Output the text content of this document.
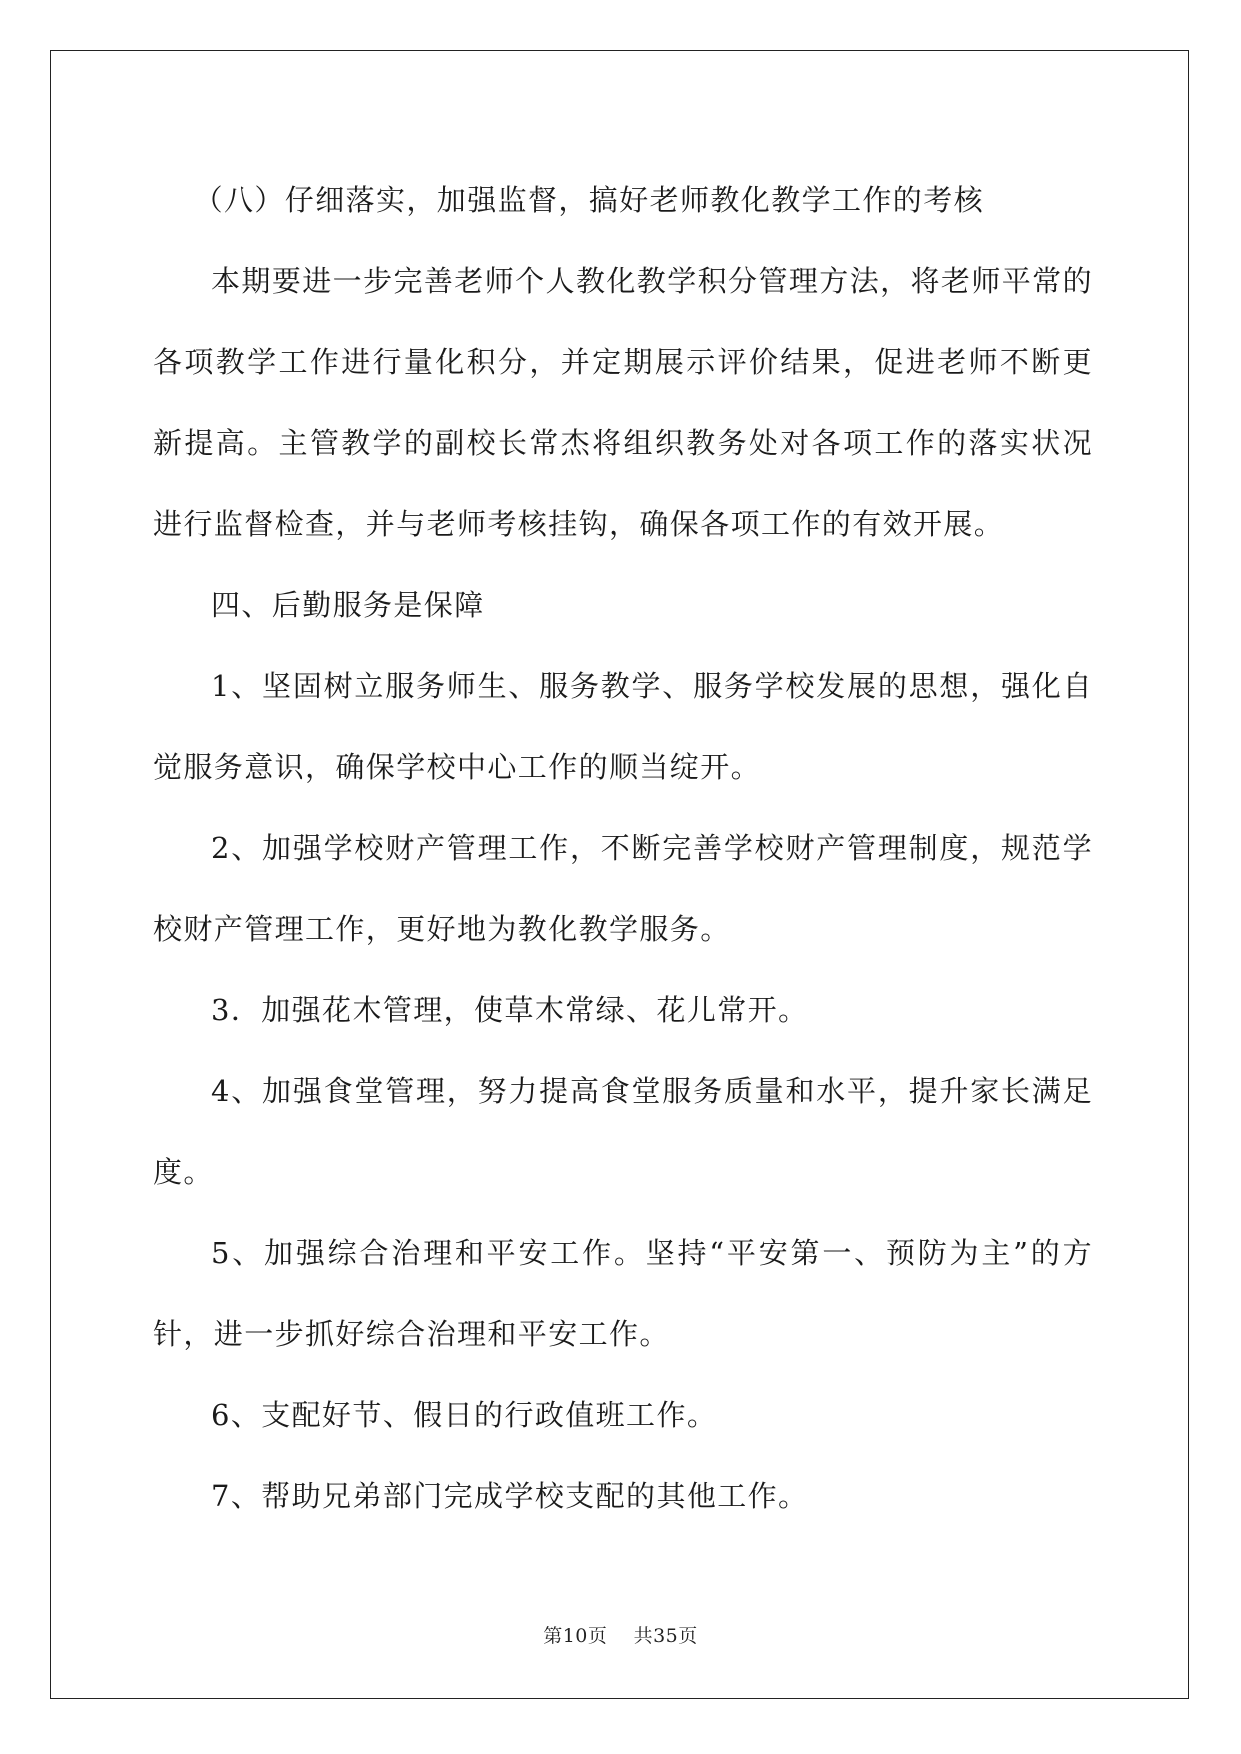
（八）仔细落实，加强监督，搞好老师教化教学工作的考核

本期要进一步完善老师个人教化教学积分管理方法，将老师平常的各项教学工作进行量化积分，并定期展示评价结果，促进老师不断更新提高。主管教学的副校长常杰将组织教务处对各项工作的落实状况进行监督检查，并与老师考核挂钩，确保各项工作的有效开展。

四、后勤服务是保障

1、坚固树立服务师生、服务教学、服务学校发展的思想，强化自觉服务意识，确保学校中心工作的顺当绽开。

2、加强学校财产管理工作，不断完善学校财产管理制度，规范学校财产管理工作，更好地为教化教学服务。

3．加强花木管理，使草木常绿、花儿常开。

4、加强食堂管理，努力提高食堂服务质量和水平，提升家长满足度。

5、加强综合治理和平安工作。坚持“平安第一、预防为主”的方针，进一步抓好综合治理和平安工作。

6、支配好节、假日的行政值班工作。

7、帮助兄弟部门完成学校支配的其他工作。

第10页 共35页
